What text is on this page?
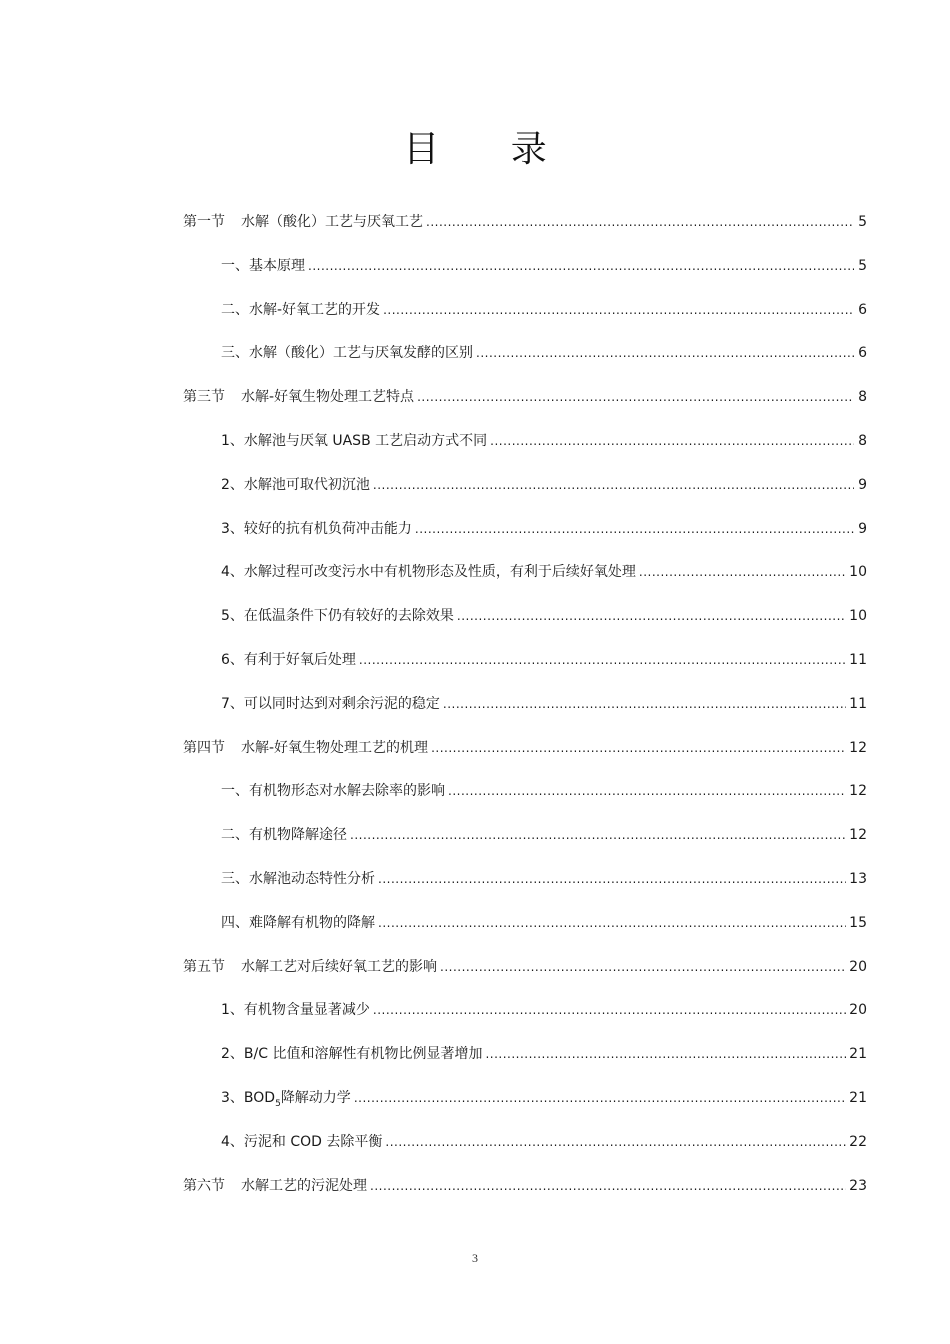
目 录
第一节 水解（酸化）工艺与厌氧工艺 .....	5
一、基本原理 .....	5
二、水解-好氧工艺的开发 .....	6
三、水解（酸化）工艺与厌氧发酵的区别 .....	6
第三节 水解-好氧生物处理工艺特点 .....	8
1、水解池与厌氧 UASB 工艺启动方式不同 .....	8
2、水解池可取代初沉池 .....	9
3、较好的抗有机负荷冲击能力 .....	9
4、水解过程可改变污水中有机物形态及性质，有利于后续好氧处理 .....	10
5、在低温条件下仍有较好的去除效果 .....	10
6、有利于好氧后处理 .....	11
7、可以同时达到对剩余污泥的稳定 .....	11
第四节 水解-好氧生物处理工艺的机理 .....	12
一、有机物形态对水解去除率的影响 .....	12
二、有机物降解途径 .....	12
三、水解池动态特性分析 .....	13
四、难降解有机物的降解 .....	15
第五节 水解工艺对后续好氧工艺的影响 .....	20
1、有机物含量显著减少 .....	20
2、B/C 比值和溶解性有机物比例显著增加 .....	21
3、$BOD_5$降解动力学 .....	21
4、污泥和 COD 去除平衡 .....	22
第六节 水解工艺的污泥处理 .....	23
3
